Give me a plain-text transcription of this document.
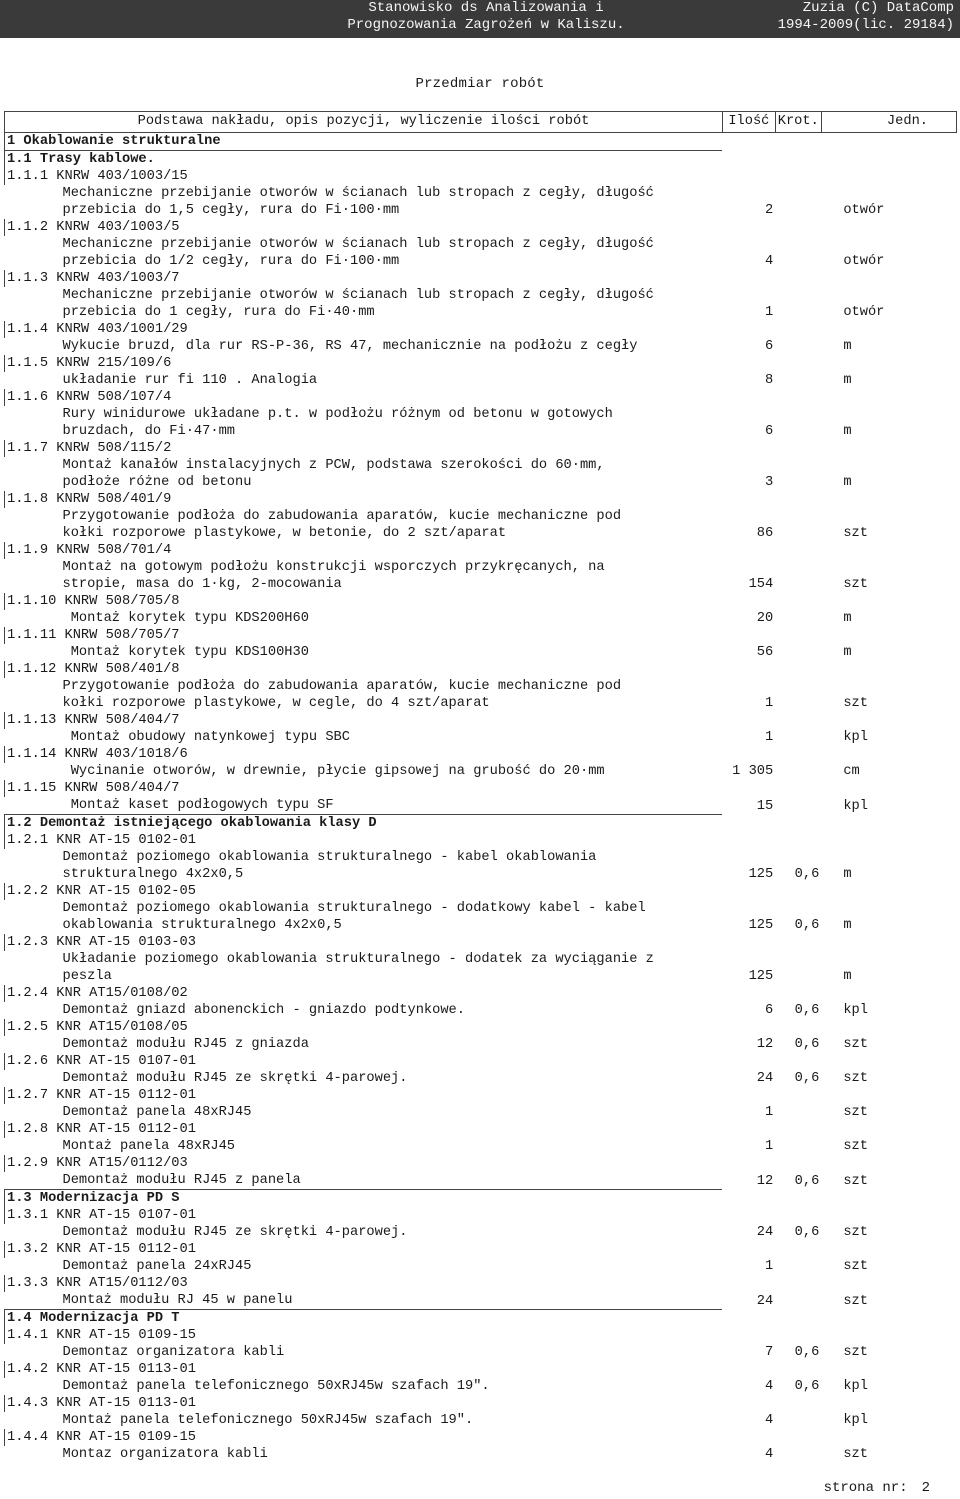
Stanowisko ds Analizowania i
Prognozowania Zagrożeń w Kaliszu.
Zuzia (C) DataComp
1994-2009(lic. 29184)
Przedmiar robót
Podstawa nakładu, opis pozycji, wyliczenie ilości robót	Ilość	Krot.	Jedn.
1 Okablowanie strukturalne			
1.1 Trasy kablowe.			
1.1.1 KNRW 403/1003/15			
Mechaniczne przebijanie otworów w ścianach lub stropach z cegły, długość			
przebicia do 1,5 cegły, rura do Fi·100·mm	2		otwór
1.1.2 KNRW 403/1003/5			
Mechaniczne przebijanie otworów w ścianach lub stropach z cegły, długość			
przebicia do 1/2 cegły, rura do Fi·100·mm	4		otwór
1.1.3 KNRW 403/1003/7			
Mechaniczne przebijanie otworów w ścianach lub stropach z cegły, długość			
przebicia do 1 cegły, rura do Fi·40·mm	1		otwór
1.1.4 KNRW 403/1001/29			
Wykucie bruzd, dla rur RS-P-36, RS 47, mechanicznie na podłożu z cegły	6		m
1.1.5 KNRW 215/109/6			
układanie rur fi 110 . Analogia	8		m
1.1.6 KNRW 508/107/4			
Rury winidurowe układane p.t. w podłożu różnym od betonu w gotowych			
bruzdach, do Fi·47·mm	6		m
1.1.7 KNRW 508/115/2			
Montaż kanałów instalacyjnych z PCW, podstawa szerokości do 60·mm,			
podłoże różne od betonu	3		m
1.1.8 KNRW 508/401/9			
Przygotowanie podłoża do zabudowania aparatów, kucie mechaniczne pod			
kołki rozporowe plastykowe, w betonie, do 2 szt/aparat	86		szt
1.1.9 KNRW 508/701/4			
Montaż na gotowym podłożu konstrukcji wsporczych przykręcanych, na			
stropie, masa do 1·kg, 2-mocowania	154		szt
1.1.10 KNRW 508/705/8			
Montaż korytek typu KDS200H60	20		m
1.1.11 KNRW 508/705/7			
Montaż korytek typu KDS100H30	56		m
1.1.12 KNRW 508/401/8			
Przygotowanie podłoża do zabudowania aparatów, kucie mechaniczne pod			
kołki rozporowe plastykowe, w cegle, do 4 szt/aparat	1		szt
1.1.13 KNRW 508/404/7			
Montaż obudowy natynkowej typu SBC	1		kpl
1.1.14 KNRW 403/1018/6			
Wycinanie otworów, w drewnie, płycie gipsowej na grubość do 20·mm	1 305		cm
1.1.15 KNRW 508/404/7			
Montaż kaset podłogowych typu SF	15		kpl
1.2 Demontaż istniejącego okablowania klasy D			
1.2.1 KNR AT-15 0102-01			
Demontaż poziomego okablowania strukturalnego - kabel okablowania			
strukturalnego 4x2x0,5	125	0,6	m
1.2.2 KNR AT-15 0102-05			
Demontaż poziomego okablowania strukturalnego - dodatkowy kabel - kabel			
okablowania strukturalnego 4x2x0,5	125	0,6	m
1.2.3 KNR AT-15 0103-03			
Układanie poziomego okablowania strukturalnego - dodatek za wyciąganie z			
peszla	125		m
1.2.4 KNR AT15/0108/02			
Demontaż gniazd abonenckich - gniazdo podtynkowe.	6	0,6	kpl
1.2.5 KNR AT15/0108/05			
Demontaż modułu RJ45 z gniazda	12	0,6	szt
1.2.6 KNR AT-15 0107-01			
Demontaż modułu RJ45 ze skrętki 4-parowej.	24	0,6	szt
1.2.7 KNR AT-15 0112-01			
Demontaż panela 48xRJ45	1		szt
1.2.8 KNR AT-15 0112-01			
Montaż panela 48xRJ45	1		szt
1.2.9 KNR AT15/0112/03			
Demontaż modułu RJ45 z panela	12	0,6	szt
1.3 Modernizacja PD S			
1.3.1 KNR AT-15 0107-01			
Demontaż modułu RJ45 ze skrętki 4-parowej.	24	0,6	szt
1.3.2 KNR AT-15 0112-01			
Demontaż panela 24xRJ45	1		szt
1.3.3 KNR AT15/0112/03			
Montaż modułu RJ 45 w panelu	24		szt
1.4 Modernizacja PD T			
1.4.1 KNR AT-15 0109-15			
Demontaz organizatora kabli	7	0,6	szt
1.4.2 KNR AT-15 0113-01			
Demontaż panela telefonicznego 50xRJ45w szafach 19".	4	0,6	kpl
1.4.3 KNR AT-15 0113-01			
Montaż panela telefonicznego 50xRJ45w szafach 19".	4		kpl
1.4.4 KNR AT-15 0109-15			
Montaz organizatora kabli	4		szt
strona nr: 2
